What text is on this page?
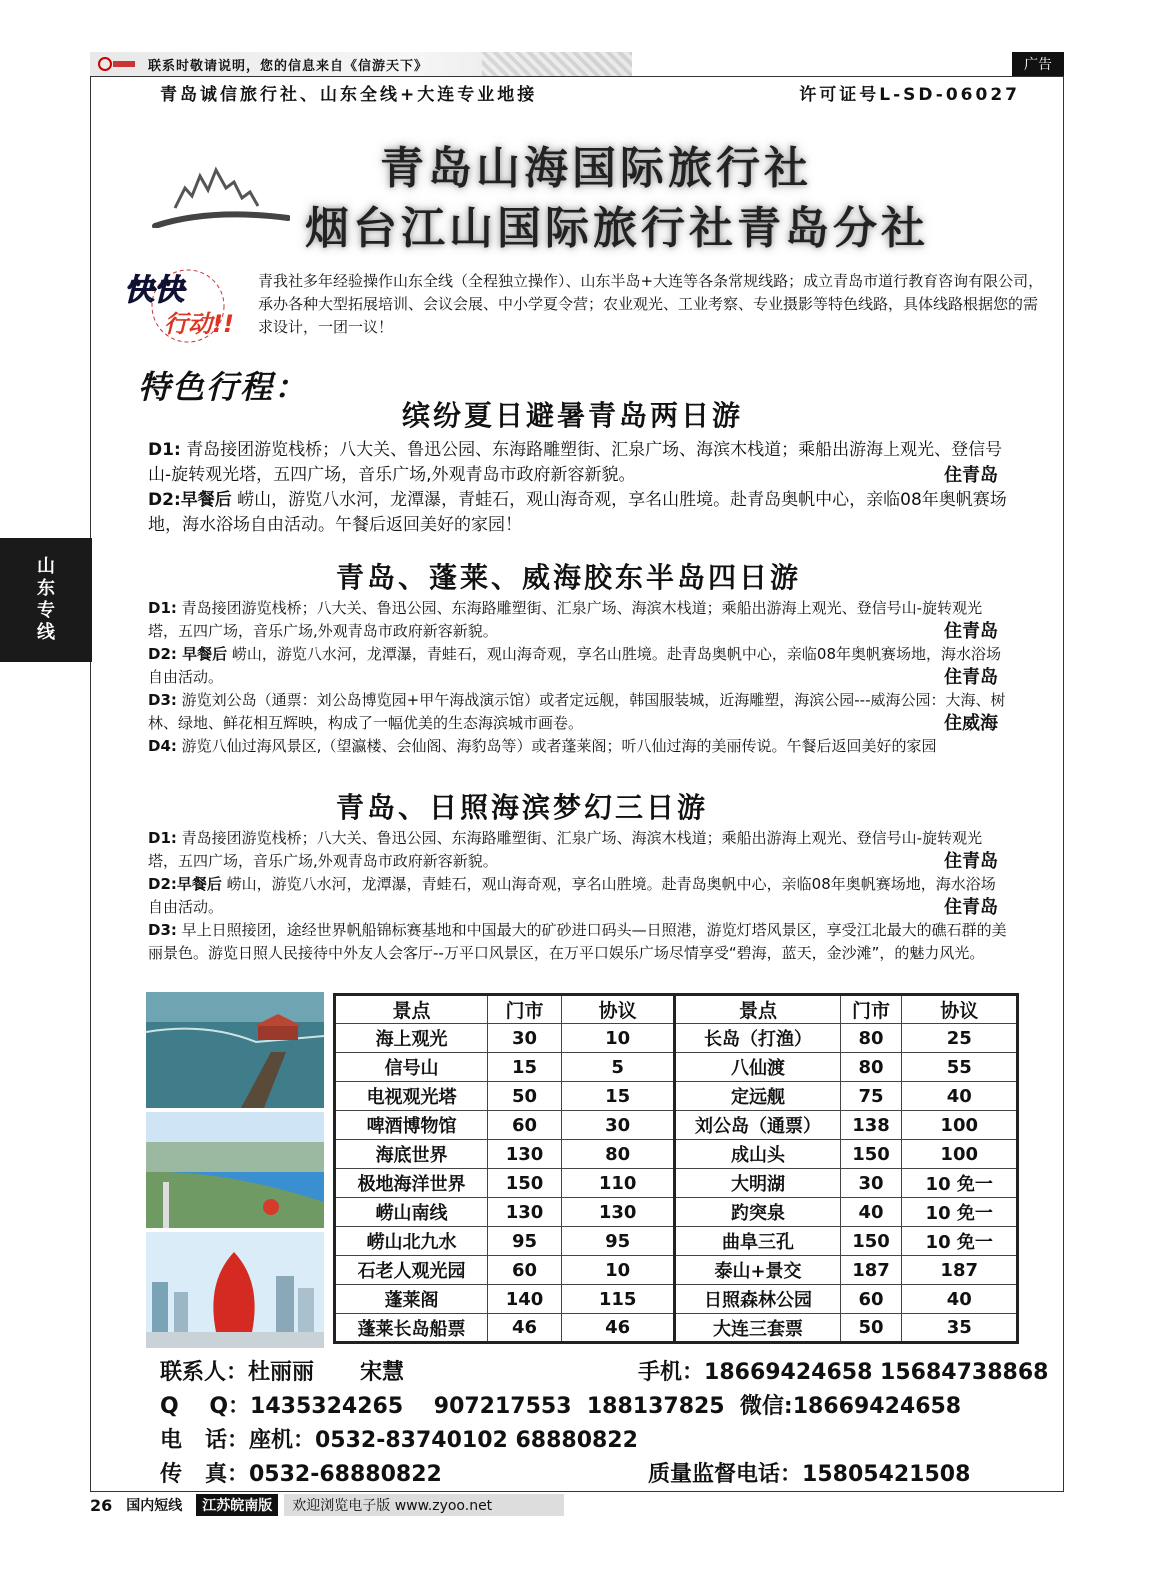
联系时敬请说明，您的信息来自《信游天下》	广告
青岛诚信旅行社、山东全线+大连专业地接	许可证号L-SD-06027
青岛山海国际旅行社
烟台江山国际旅行社青岛分社
快快
行动!!
青我社多年经验操作山东全线（全程独立操作）、山东半岛+大连等各条常规线路；成立青岛市道行教育咨询有限公司，承办各种大型拓展培训、会议会展、中小学夏令营；农业观光、工业考察、专业摄影等特色线路，具体线路根据您的需求设计，一团一议！
特色行程：
缤纷夏日避暑青岛两日游
D1: 青岛接团游览栈桥；八大关、鲁迅公园、东海路雕塑街、汇泉广场、海滨木栈道；乘船出游海上观光、登信号山-旋转观光塔，五四广场，音乐广场,外观青岛市政府新容新貌。	住青岛
D2:早餐后 崂山，游览八水河，龙潭瀑，青蛙石，观山海奇观，享名山胜境。赴青岛奥帆中心，亲临08年奥帆赛场地，海水浴场自由活动。午餐后返回美好的家园！
山
东
专
线
青岛、蓬莱、威海胶东半岛四日游
D1: 青岛接团游览栈桥；八大关、鲁迅公园、东海路雕塑街、汇泉广场、海滨木栈道；乘船出游海上观光、登信号山-旋转观光塔，五四广场，音乐广场,外观青岛市政府新容新貌。	住青岛
D2: 早餐后 崂山，游览八水河，龙潭瀑，青蛙石，观山海奇观，享名山胜境。赴青岛奥帆中心，亲临08年奥帆赛场地，海水浴场自由活动。	住青岛
D3: 游览刘公岛（通票：刘公岛博览园+甲午海战演示馆）或者定远舰，韩国服装城，近海雕塑，海滨公园---威海公园：大海、树林、绿地、鲜花相互辉映，构成了一幅优美的生态海滨城市画卷。	住威海
D4: 游览八仙过海风景区,（望瀛楼、会仙阁、海豹岛等）或者蓬莱阁；听八仙过海的美丽传说。午餐后返回美好的家园
青岛、日照海滨梦幻三日游
D1: 青岛接团游览栈桥；八大关、鲁迅公园、东海路雕塑街、汇泉广场、海滨木栈道；乘船出游海上观光、登信号山-旋转观光塔，五四广场，音乐广场,外观青岛市政府新容新貌。	住青岛
D2:早餐后 崂山，游览八水河，龙潭瀑，青蛙石，观山海奇观，享名山胜境。赴青岛奥帆中心，亲临08年奥帆赛场地，海水浴场自由活动。	住青岛
D3: 早上日照接团，途经世界帆船锦标赛基地和中国最大的矿砂进口码头—日照港，游览灯塔风景区，享受江北最大的礁石群的美丽景色。游览日照人民接待中外友人会客厅--万平口风景区，在万平口娱乐广场尽情享受“碧海，蓝天，金沙滩”，的魅力风光。
景点	门市	协议	景点	门市	协议
海上观光	30	10	长岛（打渔）	80	25
信号山	15	5	八仙渡	80	55
电视观光塔	50	15	定远舰	75	40
啤酒博物馆	60	30	刘公岛（通票）	138	100
海底世界	130	80	成山头	150	100
极地海洋世界	150	110	大明湖	30	10 免一
崂山南线	130	130	趵突泉	40	10 免一
崂山北九水	95	95	曲阜三孔	150	10 免一
石老人观光园	60	10	泰山+景交	187	187
蓬莱阁	140	115	日照森林公园	60	40
蓬莱长岛船票	46	46	大连三套票	50	35
联系人：杜丽丽      宋慧	手机：18669424658 15684738868
Q    Q：1435324265    907217553  188137825  微信:18669424658
电   话：座机：0532-83740102 68880822
传   真：0532-68880822	质量监督电话：15805421508
26 国内短线	江苏皖南版	欢迎浏览电子版 www.zyoo.net
